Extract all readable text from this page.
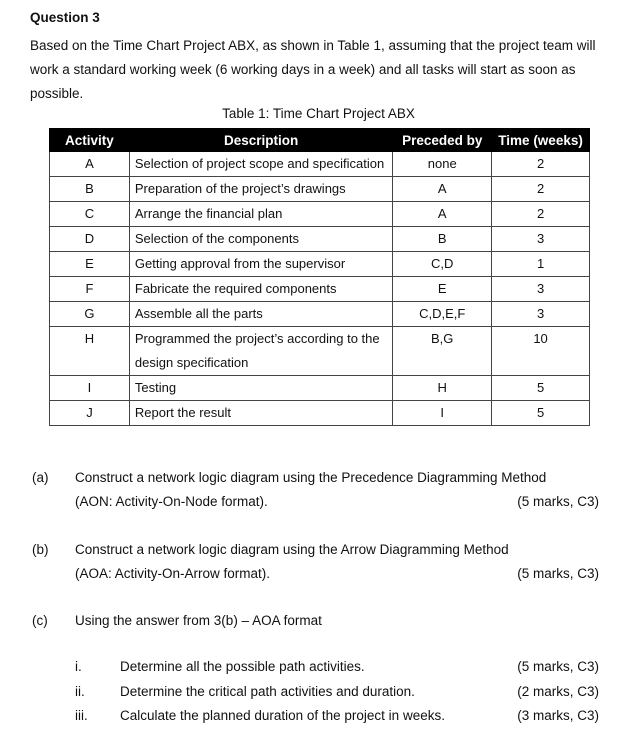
Question 3
Based on the Time Chart Project ABX, as shown in Table 1, assuming that the project team will work a standard working week (6 working days in a week) and all tasks will start as soon as possible.
Table 1: Time Chart Project ABX
Activity	Description	Preceded by	Time (weeks)
A	Selection of project scope and specification	none	2
B	Preparation of the project’s drawings	A	2
C	Arrange the financial plan	A	2
D	Selection of the components	B	3
E	Getting approval from the supervisor	C,D	1
F	Fabricate the required components	E	3
G	Assemble all the parts	C,D,E,F	3
H	Programmed the project’s according to the design specification	B,G	10
I	Testing	H	5
J	Report the result	I	5
(a) Construct a network logic diagram using the Precedence Diagramming Method
(AON: Activity-On-Node format).	(5 marks, C3)
(b) Construct a network logic diagram using the Arrow Diagramming Method
(AOA: Activity-On-Arrow format).	(5 marks, C3)
(c) Using the answer from 3(b) – AOA format
i.	Determine all the possible path activities.	(5 marks, C3)
ii.	Determine the critical path activities and duration.	(2 marks, C3)
iii. Calculate the planned duration of the project in weeks.	(3 marks, C3)
